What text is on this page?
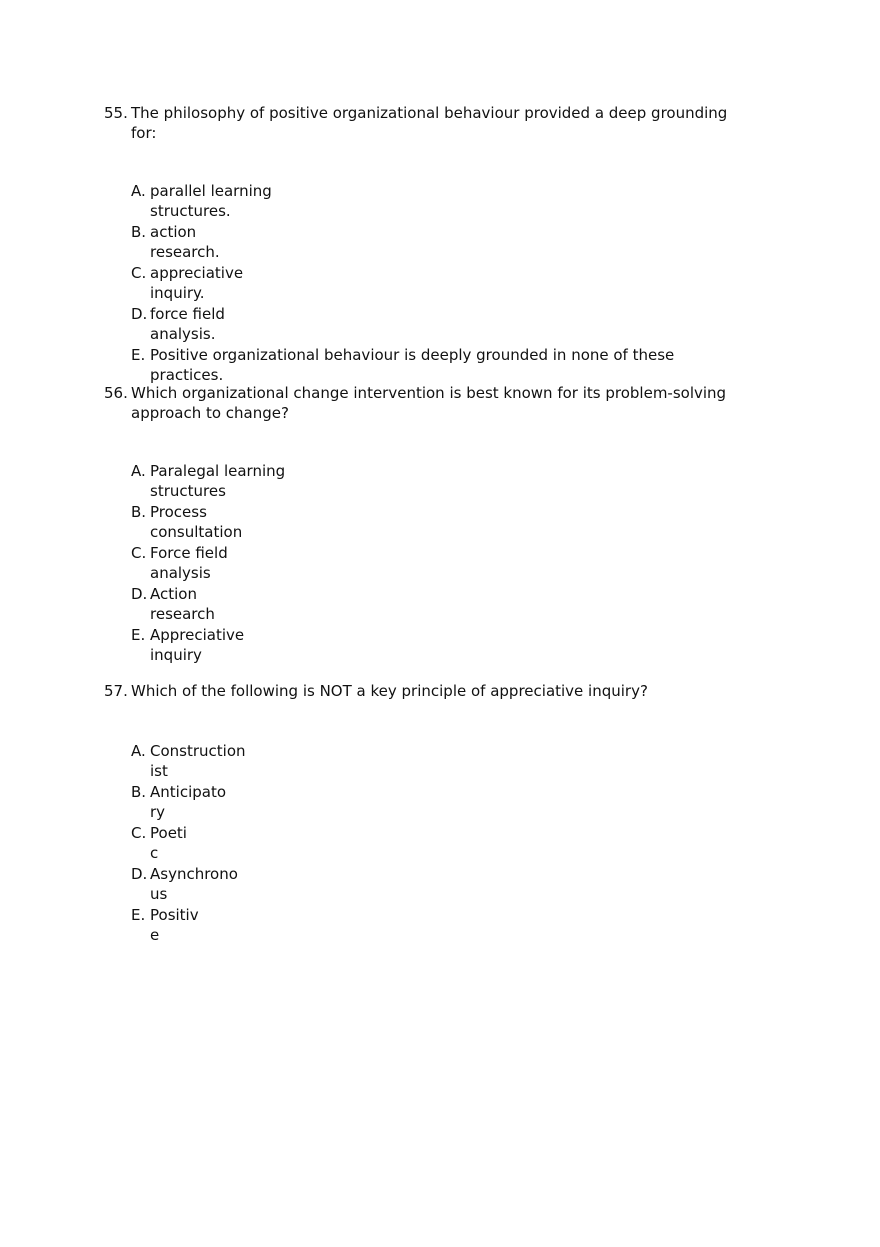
55. The philosophy of positive organizational behaviour provided a deep grounding for:
A. parallel learning
structures.
B. action
research.
C. appreciative
inquiry.
D. force field
analysis.
E. Positive organizational behaviour is deeply grounded in none of these
practices.
56. Which organizational change intervention is best known for its problem-solving approach to change?
A. Paralegal learning
structures
B. Process
consultation
C. Force field
analysis
D. Action
research
E. Appreciative
inquiry
57. Which of the following is NOT a key principle of appreciative inquiry?
A. Construction
ist
B. Anticipato
ry
C. Poeti
c
D. Asynchrono
us
E. Positiv
e
